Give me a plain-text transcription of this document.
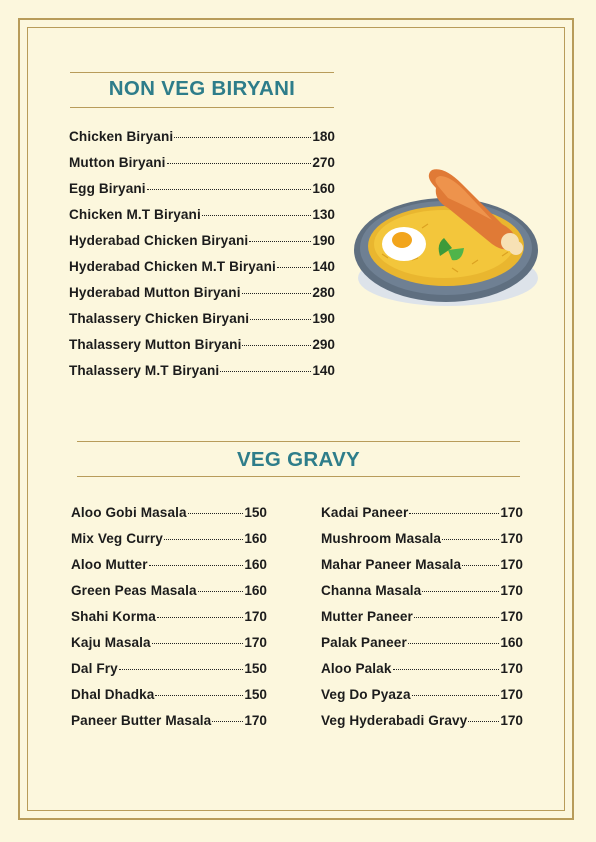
NON VEG BIRYANI
Chicken Biryani	180
Mutton Biryani	270
Egg Biryani	160
Chicken M.T Biryani	130
Hyderabad Chicken Biryani	190
Hyderabad Chicken M.T Biryani	140
Hyderabad Mutton Biryani	280
Thalassery Chicken Biryani	190
Thalassery Mutton Biryani	290
Thalassery M.T Biryani	140
VEG GRAVY
Aloo Gobi Masala	150
Mix Veg Curry	160
Aloo Mutter	160
Green Peas Masala	160
Shahi Korma	170
Kaju Masala	170
Dal Fry	150
Dhal Dhadka	150
Paneer Butter Masala 170
Kadai Paneer	170
Mushroom Masala	170
Mahar Paneer Masala	170
Channa Masala	170
Mutter Paneer	170
Palak Paneer	160
Aloo Palak	170
Veg Do Pyaza	170
Veg Hyderabadi Gravy 170
